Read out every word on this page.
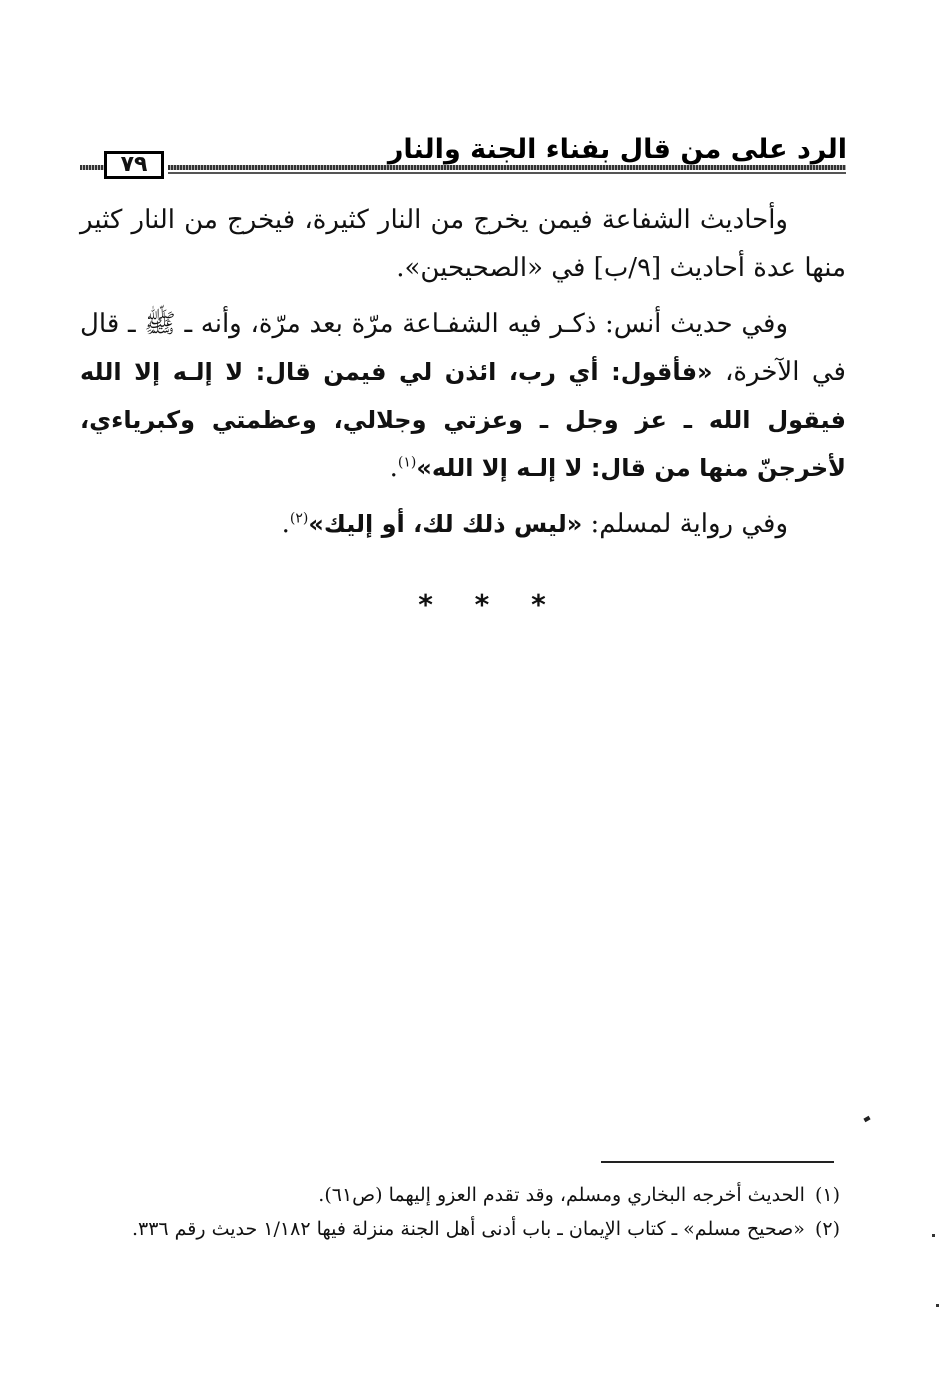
الرد على من قال بفناء الجنة والنار
٧٩

وأحاديث الشفاعة فيمن يخرج من النار كثيرة، فيخرج من النار كثير منها عدة أحاديث [٩/ب] في «الصحيحين».

وفي حديث أنس: ذكـر فيه الشفـاعة مرّة بعد مرّة، وأنه ـ ﷺ ـ قال في الآخرة، «فأقول: أي رب، ائذن لي فيمن قال: لا إلـه إلا الله فيقول الله ـ عز وجل ـ وعزتي وجلالي، وعظمتي وكبرياءي، لأخرجنّ منها من قال: لا إلـه إلا الله»$^{(١)}$.

وفي رواية لمسلم: «ليس ذلك لك، أو إليك»$^{(٢)}$.

* * *

(١)الحديث أخرجه البخاري ومسلم، وقد تقدم العزو إليهما (ص٦١).

(٢)«صحيح مسلم» ـ كتاب الإيمان ـ باب أدنى أهل الجنة منزلة فيها ١/١٨٢ حديث رقم ٣٣٦.
